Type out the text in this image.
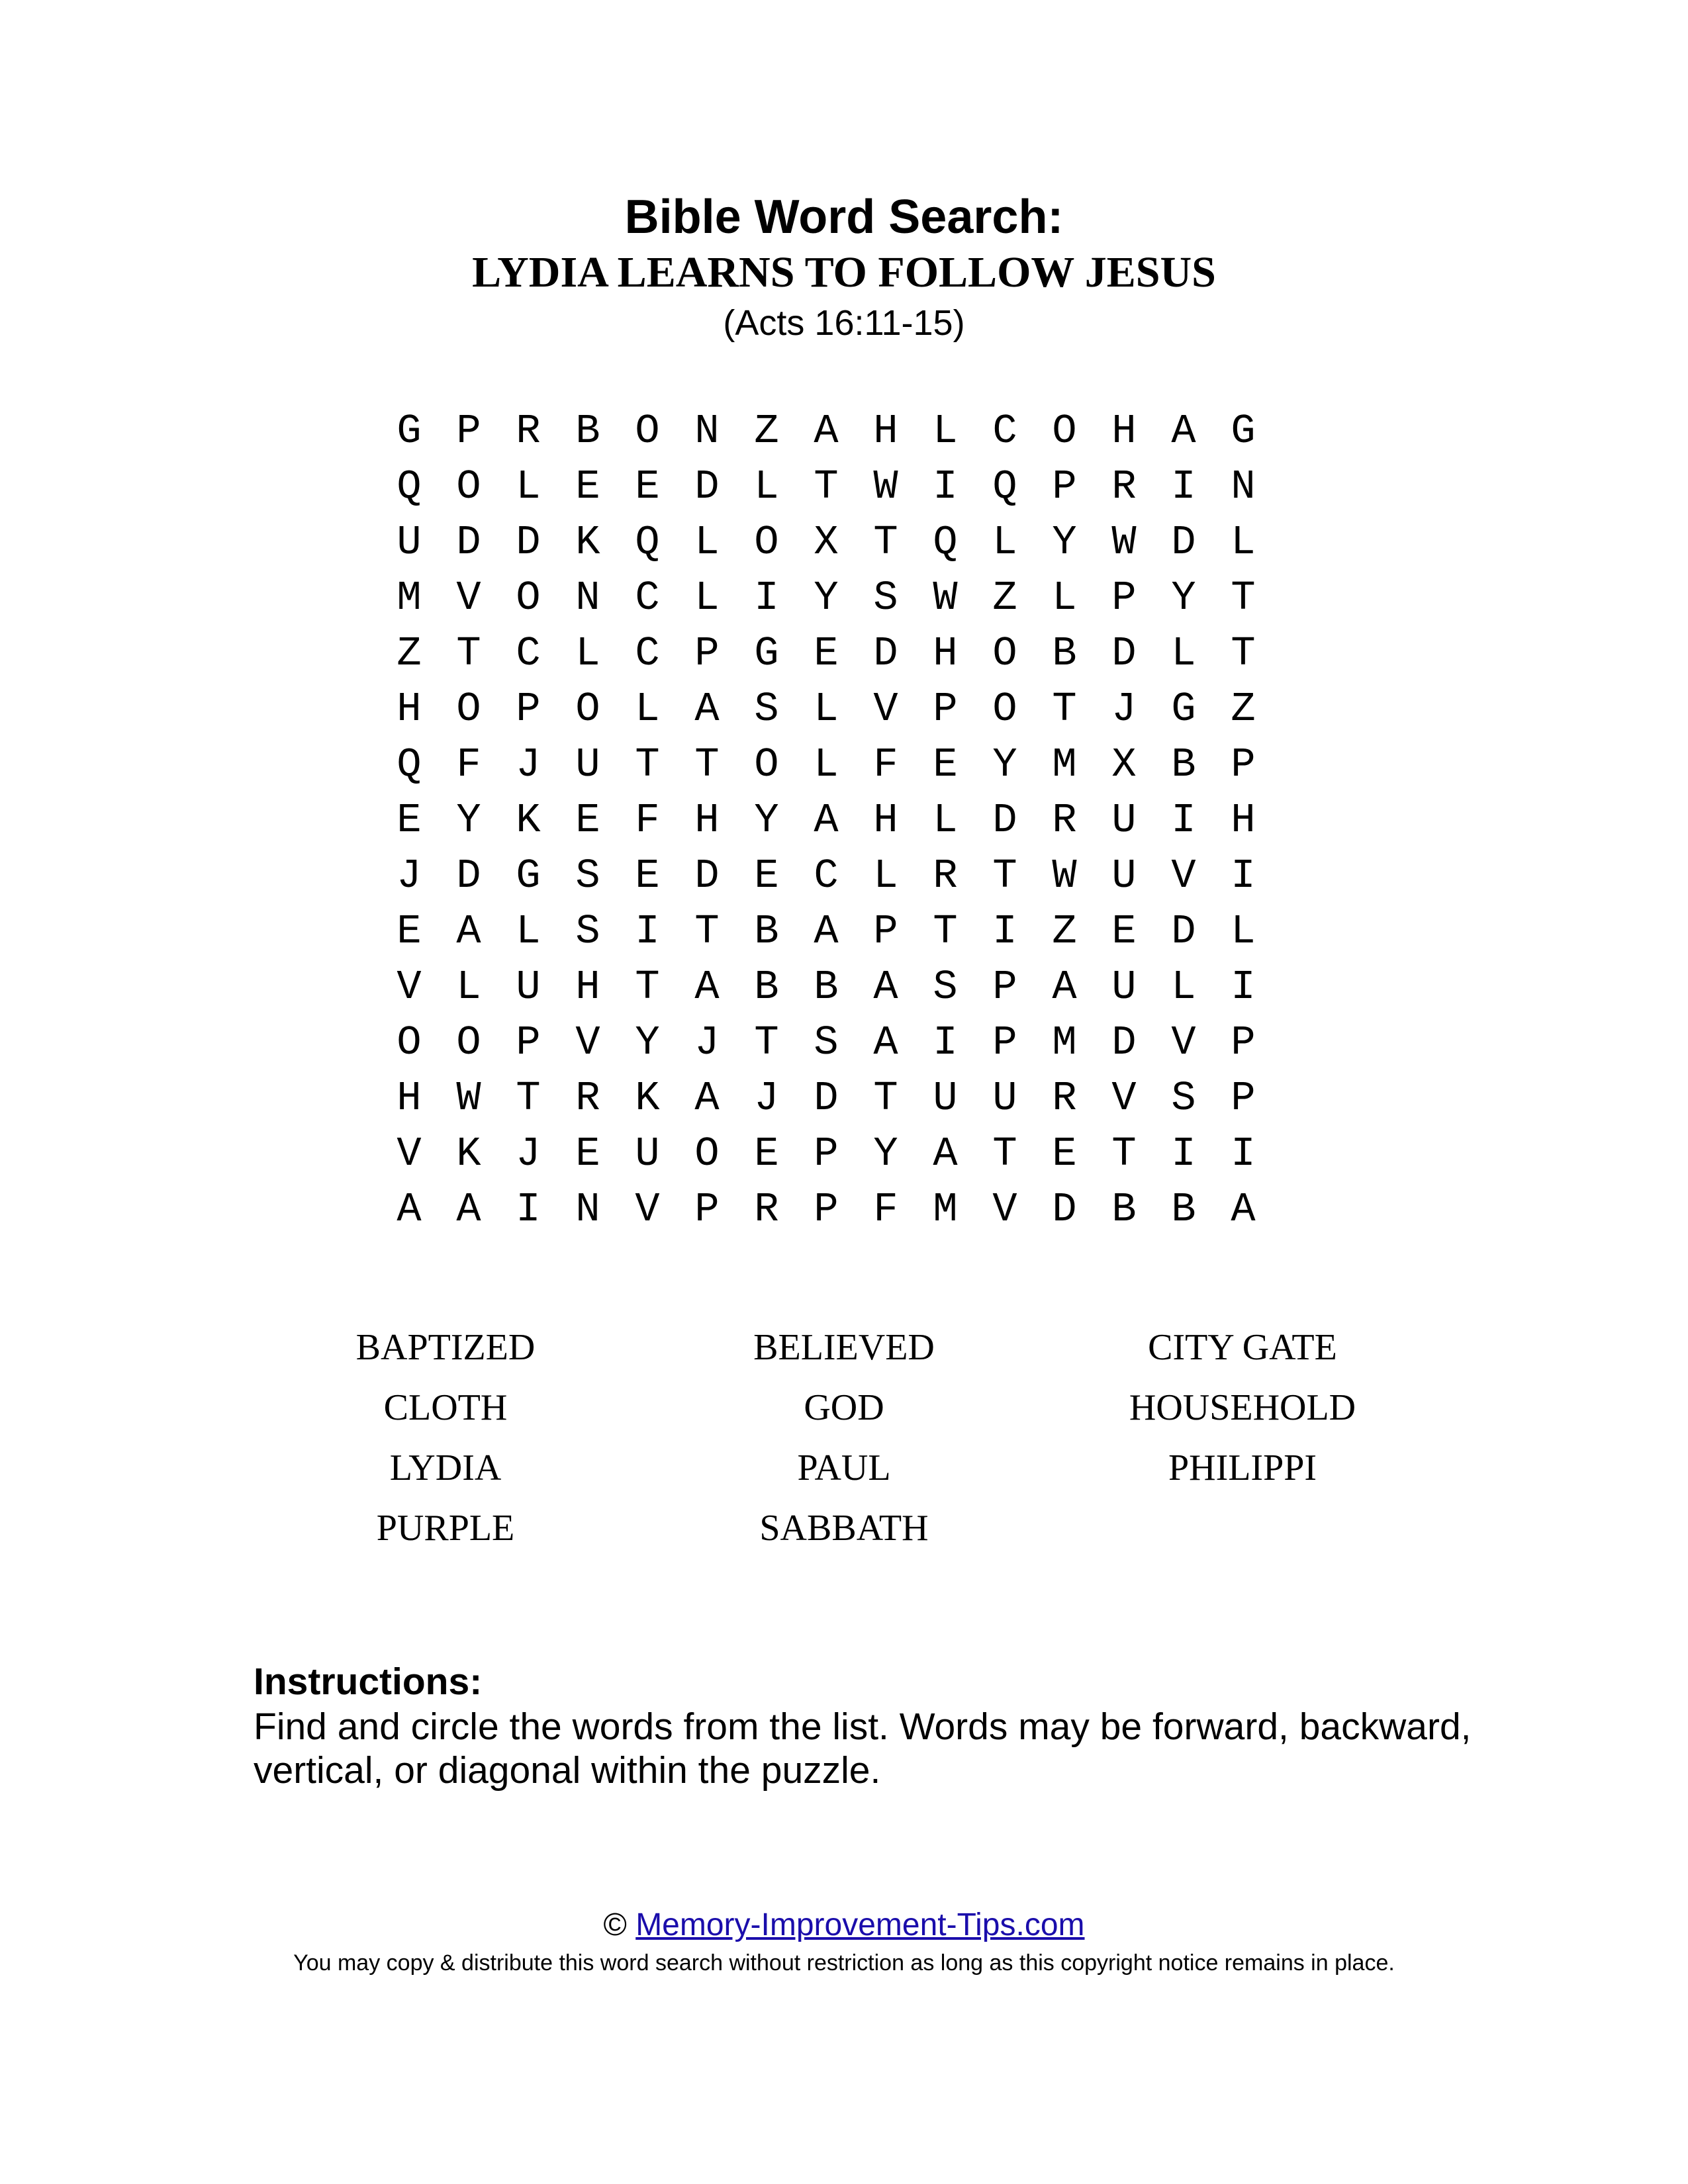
Bible Word Search:
LYDIA LEARNS TO FOLLOW JESUS
(Acts 16:11-15)
G P R B O N Z A H L C O H A G
Q O L E E D L T W I Q P R I N
U D D K Q L O X T Q L Y W D L
M V O N C L I Y S W Z L P Y T
Z T C L C P G E D H O B D L T
H O P O L A S L V P O T J G Z
Q F J U T T O L F E Y M X B P
E Y K E F H Y A H L D R U I H
J D G S E D E C L R T W U V I
E A L S I T B A P T I Z E D L
V L U H T A B B A S P A U L I
O O P V Y J T S A I P M D V P
H W T R K A J D T U U R V S P
V K J E U O E P Y A T E T I I
A A I N V P R P F M V D B B A
BAPTIZED	BELIEVED	CITY GATE
CLOTH	GOD	HOUSEHOLD
LYDIA	PAUL	PHILIPPI
PURPLE	SABBATH
Instructions:
Find and circle the words from the list. Words may be forward, backward,
vertical, or diagonal within the puzzle.
© Memory-Improvement-Tips.com
You may copy & distribute this word search without restriction as long as this copyright notice remains in place.
